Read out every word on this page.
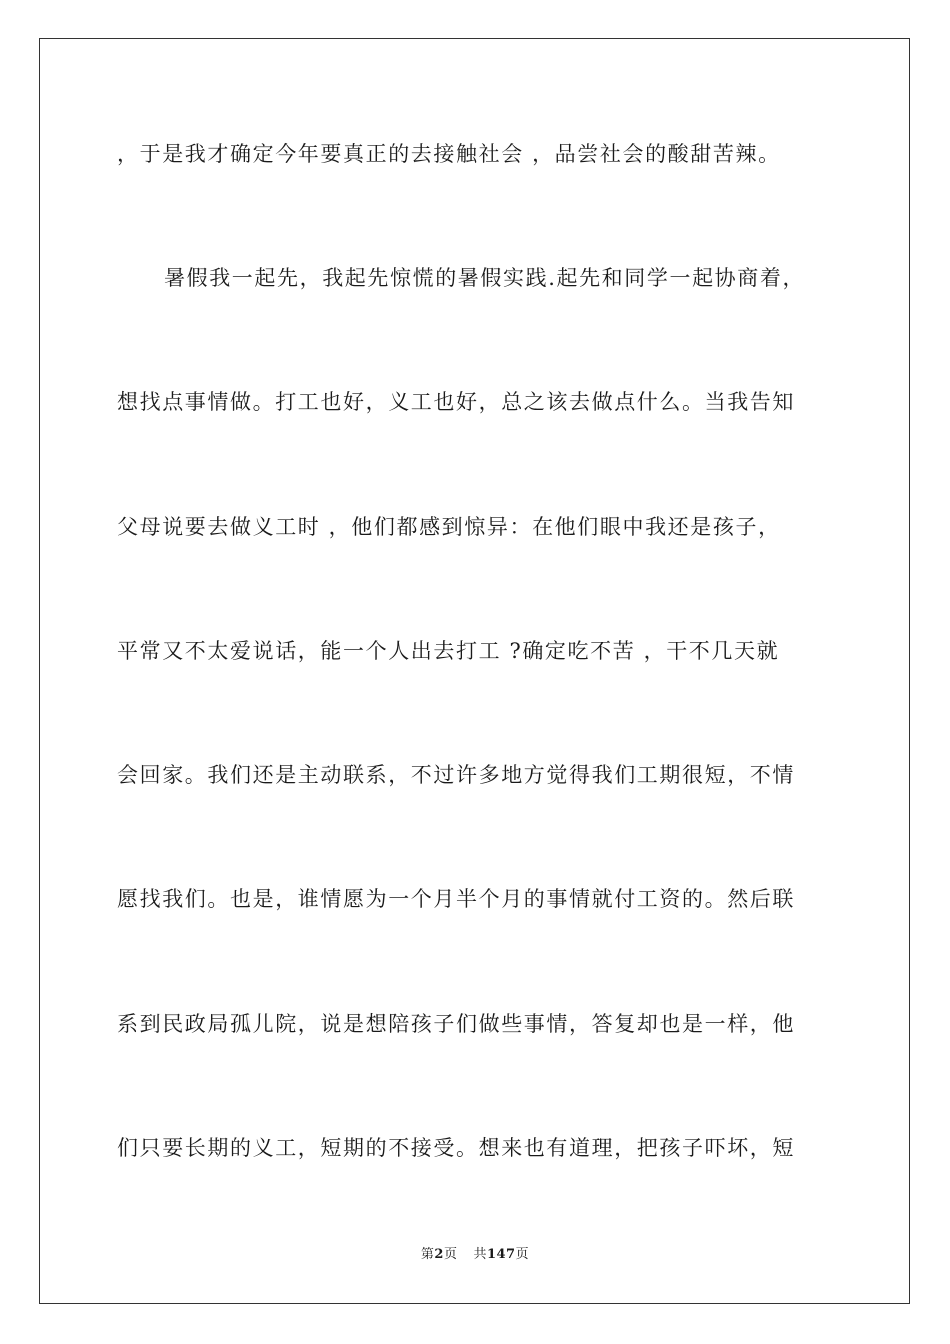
，于是我才确定今年要真正的去接触社会 ，品尝社会的酸甜苦辣。
暑假我一起先，我起先惊慌的暑假实践.起先和同学一起协商着，
想找点事情做。打工也好，义工也好，总之该去做点什么。当我告知
父母说要去做义工时 ，他们都感到惊异：在他们眼中我还是孩子，
平常又不太爱说话，能一个人出去打工 ?确定吃不苦 ，干不几天就
会回家。我们还是主动联系，不过许多地方觉得我们工期很短，不情
愿找我们。也是，谁情愿为一个月半个月的事情就付工资的。然后联
系到民政局孤儿院，说是想陪孩子们做些事情，答复却也是一样，他
们只要长期的义工，短期的不接受。想来也有道理，把孩子吓坏，短
第2页 共147页
